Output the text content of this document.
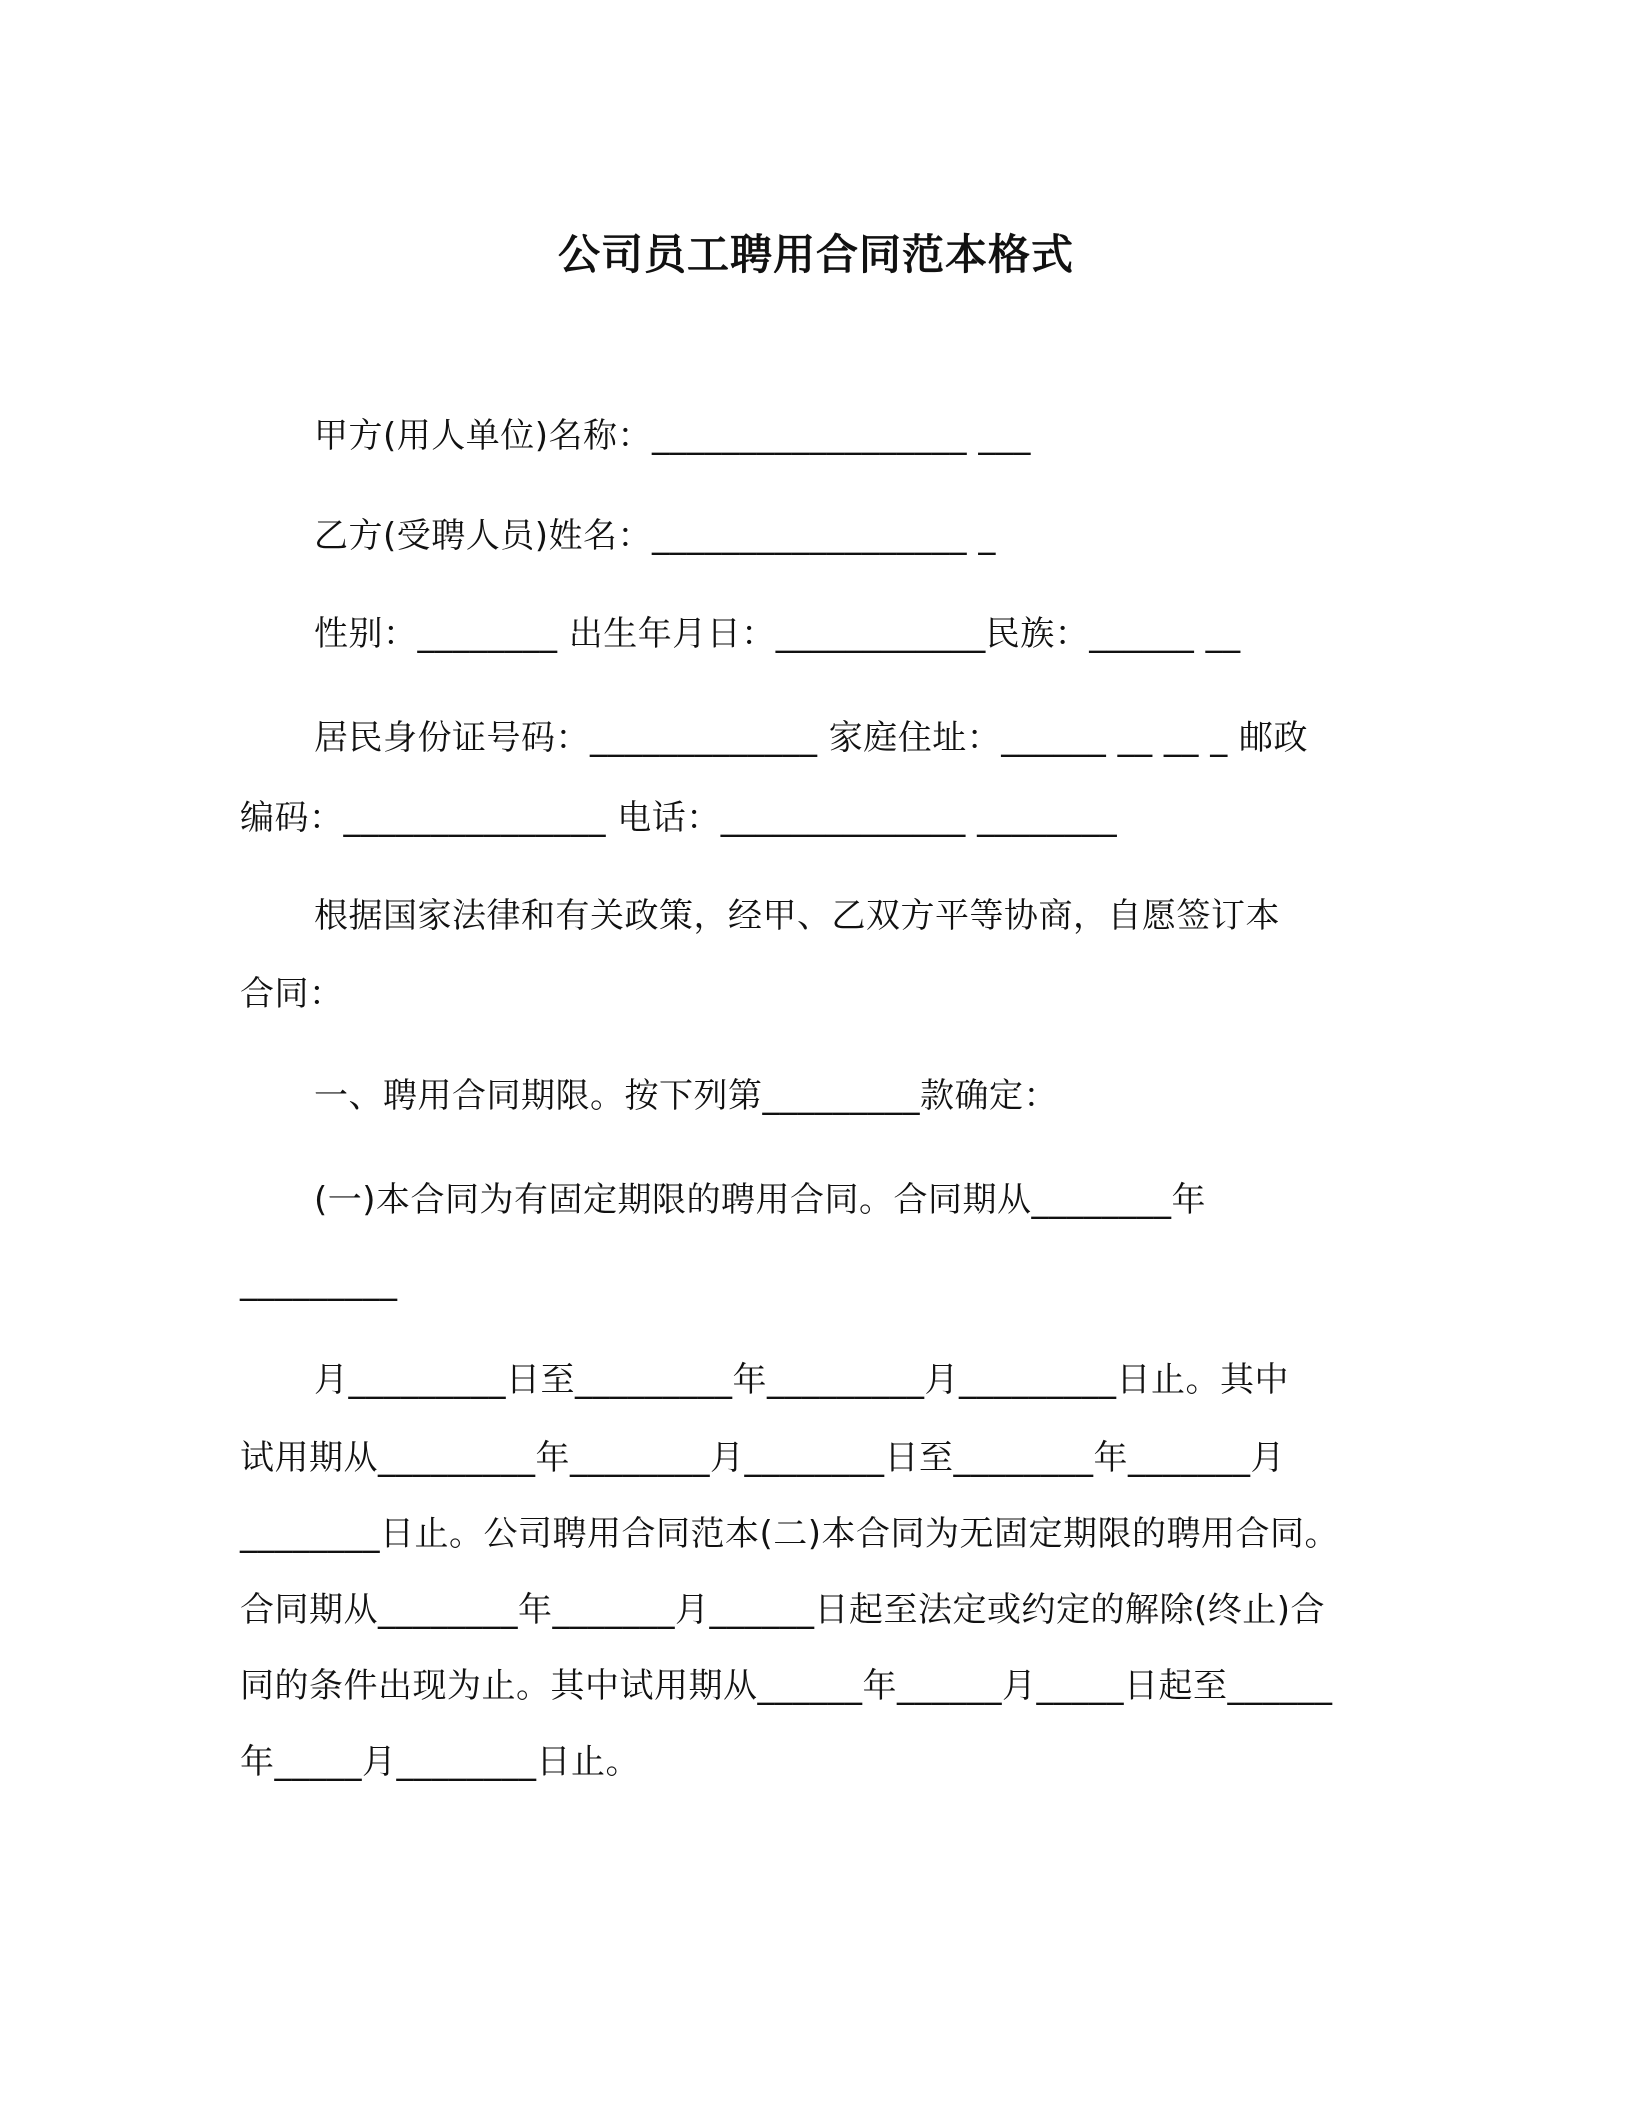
公司员工聘用合同范本格式
甲方(用人单位)名称：__________________ ___
乙方(受聘人员)姓名：__________________ _
性别：________ 出生年月日：____________民族：______ __
居民身份证号码：_____________ 家庭住址：______ __ __ _ 邮政
编码：_______________ 电话：______________ ________
根据国家法律和有关政策，经甲、乙双方平等协商，自愿签订本
合同：
一、聘用合同期限。按下列第_________款确定：
(一)本合同为有固定期限的聘用合同。合同期从________年
_________
月_________日至_________年_________月_________日止。其中
试用期从_________年________月________日至________年_______月
________日止。公司聘用合同范本(二)本合同为无固定期限的聘用合同。
合同期从________年_______月______日起至法定或约定的解除(终止)合
同的条件出现为止。其中试用期从______年______月_____日起至______
年_____月________日止。
